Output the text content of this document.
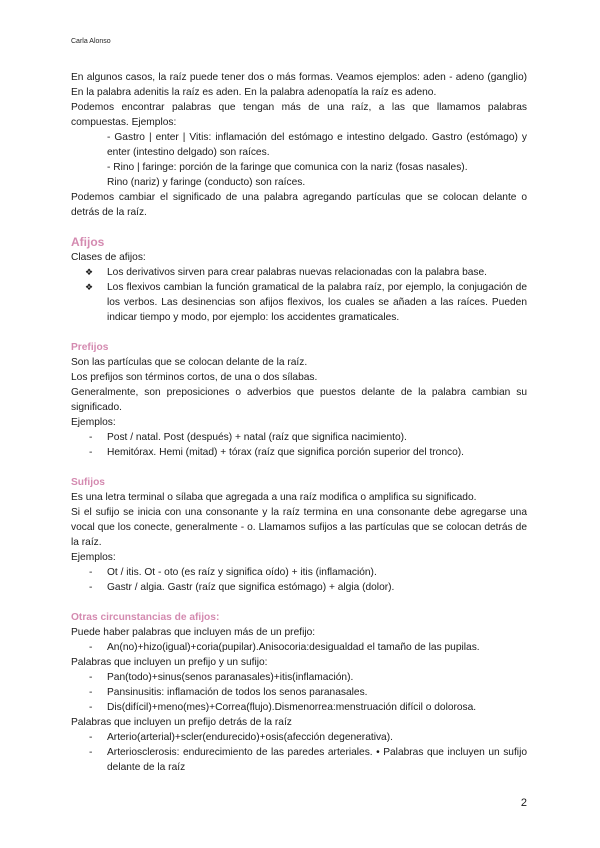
Carla Alonso

En algunos casos, la raíz puede tener dos o más formas. Veamos ejemplos: aden - adeno (ganglio) En la palabra adenitis la raíz es aden. En la palabra adenopatía la raíz es adeno.

Podemos encontrar palabras que tengan más de una raíz, a las que llamamos palabras compuestas. Ejemplos:

- Gastro | enter | Vitis: inflamación del estómago e intestino delgado. Gastro (estómago) y enter (intestino delgado) son raíces.

- Rino | faringe: porción de la faringe que comunica con la nariz (fosas nasales).

Rino (nariz) y faringe (conducto) son raíces.

Podemos cambiar el significado de una palabra agregando partículas que se colocan delante o detrás de la raíz.

Afijos

Clases de afijos:

❖ Los derivativos sirven para crear palabras nuevas relacionadas con la palabra base.
❖ Los flexivos cambian la función gramatical de la palabra raíz, por ejemplo, la conjugación de los verbos. Las desinencias son afijos flexivos, los cuales se añaden a las raíces. Pueden indicar tiempo y modo, por ejemplo: los accidentes gramaticales.

Prefijos

Son las partículas que se colocan delante de la raíz.

Los prefijos son términos cortos, de una o dos sílabas.

Generalmente, son preposiciones o adverbios que puestos delante de la palabra cambian su significado.

Ejemplos:

- Post / natal. Post (después) + natal (raíz que significa nacimiento).
- Hemitórax. Hemi (mitad) + tórax (raíz que significa porción superior del tronco).

Sufijos

Es una letra terminal o sílaba que agregada a una raíz modifica o amplifica su significado.

Si el sufijo se inicia con una consonante y la raíz termina en una consonante debe agregarse una vocal que los conecte, generalmente - o. Llamamos sufijos a las partículas que se colocan detrás de la raíz.

Ejemplos:

- Ot / itis. Ot - oto (es raíz y significa oído) + itis (inflamación).
- Gastr / algia. Gastr (raíz que significa estómago) + algia (dolor).

Otras circunstancias de afijos:

Puede haber palabras que incluyen más de un prefijo:

- An(no)+hizo(igual)+coria(pupilar).Anisocoria:desigualdad el tamaño de las pupilas.

Palabras que incluyen un prefijo y un sufijo:

- Pan(todo)+sinus(senos paranasales)+itis(inflamación).
- Pansinusitis: inflamación de todos los senos paranasales.
- Dis(difícil)+meno(mes)+Correa(flujo).Dismenorrea:menstruación difícil o dolorosa.

Palabras que incluyen un prefijo detrás de la raíz

- Arterio(arterial)+scler(endurecido)+osis(afección degenerativa).
- Arteriosclerosis: endurecimiento de las paredes arteriales. • Palabras que incluyen un sufijo delante de la raíz
2
